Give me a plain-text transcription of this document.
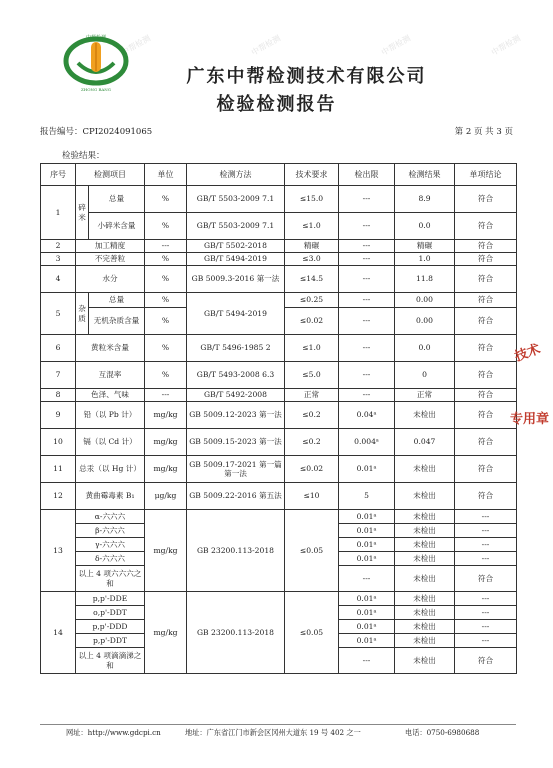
中帮检测	中帮检测	中帮检测	中帮检测
中帮检测
ZHONG BANG
广东中帮检测技术有限公司
检验检测报告
报告编号：CPI2024091065	第 2 页 共 3 页
检验结果：
序号	检测项目		单位	检测方法	技术要求	检出限	检测结果	单项结论
1	碎米	总量	%	GB/T 5503-2009 7.1	≤15.0	---	8.9	符合
		小碎米含量	%	GB/T 5503-2009 7.1	≤1.0	---	0.0	符合
2	加工精度		---	GB/T 5502-2018	精碾	---	精碾	符合
3	不完善粒		%	GB/T 5494-2019	≤3.0	---	1.0	符合
4	水分		%	GB 5009.3-2016 第一法	≤14.5	---	11.8	符合
5	杂质	总量	%	GB/T 5494-2019	≤0.25	---	0.00	符合
		无机杂质含量	%		≤0.02	---	0.00	符合
6	黄粒米含量		%	GB/T 5496-1985 2	≤1.0	---	0.0	符合
7	互混率		%	GB/T 5493-2008 6.3	≤5.0	---	0	符合
8	色泽、气味		---	GB/T 5492-2008	正常	---	正常	符合
9	铅（以 Pb 计）		mg/kg	GB 5009.12-2023 第一法	≤0.2	0.04ᵃ	未检出	符合
10	镉（以 Cd 计）		mg/kg	GB 5009.15-2023 第一法	≤0.2	0.004ᵃ	0.047	符合
11	总汞（以 Hg 计）		mg/kg	GB 5009.17-2021 第一篇 第一法	≤0.02	0.01ᵃ	未检出	符合
12	黄曲霉毒素 B₁		μg/kg	GB 5009.22-2016 第五法	≤10	5	未检出	符合
13	α-六六六		mg/kg	GB 23200.113-2018	≤0.05	0.01ᵃ	未检出	---
	β-六六六					0.01ᵃ	未检出	---
	γ-六六六					0.01ᵃ	未检出	---
	δ-六六六					0.01ᵃ	未检出	---
	以上 4 项六六六之和					---	未检出	符合
14	p,p'-DDE		mg/kg	GB 23200.113-2018	≤0.05	0.01ᵃ	未检出	---
	o,p'-DDT					0.01ᵃ	未检出	---
	p,p'-DDD					0.01ᵃ	未检出	---
	p,p'-DDT					0.01ᵃ	未检出	---
	以上 4 项滴滴涕之和					---	未检出	符合
技术
专用章
网址：http://www.gdcpi.cn	地址：广东省江门市新会区冈州大道东 19 号 402 之一	电话：0750-6980688
